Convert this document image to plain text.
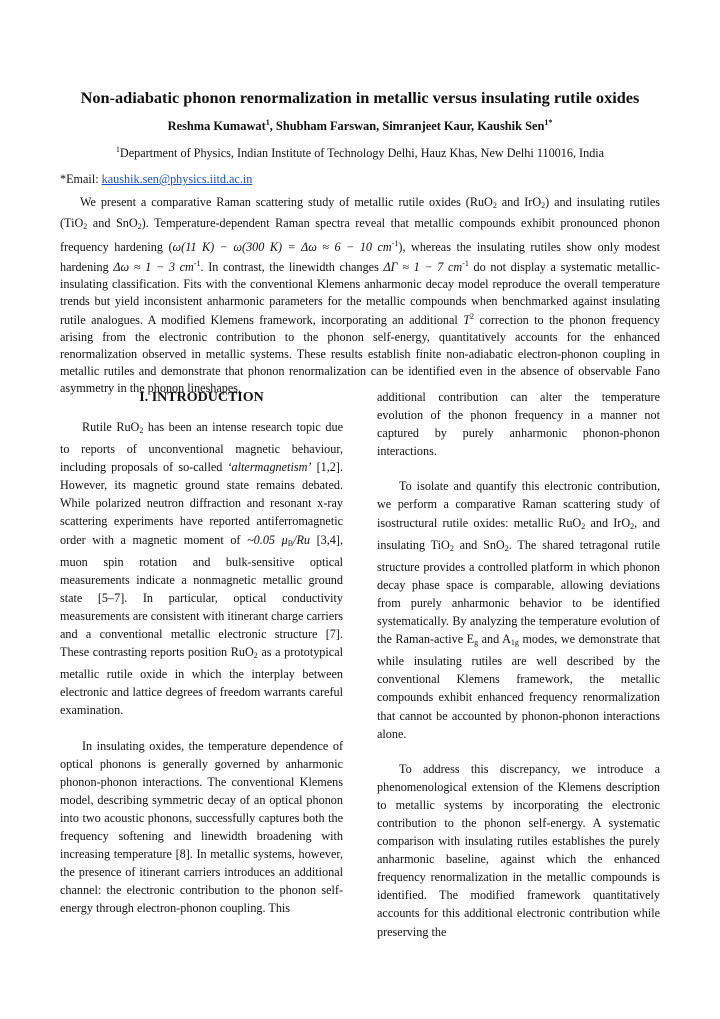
Non-adiabatic phonon renormalization in metallic versus insulating rutile oxides
Reshma Kumawat$^1$, Shubham Farswan, Simranjeet Kaur, Kaushik Sen$^{1*}$
$^1$Department of Physics, Indian Institute of Technology Delhi, Hauz Khas, New Delhi 110016, India
*Email: kaushik.sen@physics.iitd.ac.in
We present a comparative Raman scattering study of metallic rutile oxides (RuO$_2$ and IrO$_2$) and insulating rutiles (TiO$_2$ and SnO$_2$). Temperature-dependent Raman spectra reveal that metallic compounds exhibit pronounced phonon frequency hardening (ω(11 K) − ω(300 K) = Δω ≈ 6 − 10 $cm^{-1}$), whereas the insulating rutiles show only modest hardening Δω ≈ 1 − 3 $cm^{-1}$. In contrast, the linewidth changes ΔΓ ≈ 1 − 7 $cm^{-1}$ do not display a systematic metallic-insulating classification. Fits with the conventional Klemens anharmonic decay model reproduce the overall temperature trends but yield inconsistent anharmonic parameters for the metallic compounds when benchmarked against insulating rutile analogues. A modified Klemens framework, incorporating an additional $T^2$ correction to the phonon frequency arising from the electronic contribution to the phonon self-energy, quantitatively accounts for the enhanced renormalization observed in metallic systems. These results establish finite non-adiabatic electron-phonon coupling in metallic rutiles and demonstrate that phonon renormalization can be identified even in the absence of observable Fano asymmetry in the phonon lineshapes.
I. INTRODUCTION

Rutile RuO$_2$ has been an intense research topic due to reports of unconventional magnetic behaviour, including proposals of so-called ‘altermagnetism’ [1,2]. However, its magnetic ground state remains debated. While polarized neutron diffraction and resonant x-ray scattering experiments have reported antiferromagnetic order with a magnetic moment of ~0.05 $\mu_B/Ru$ [3,4], muon spin rotation and bulk-sensitive optical measurements indicate a nonmagnetic metallic ground state [5–7]. In particular, optical conductivity measurements are consistent with itinerant charge carriers and a conventional metallic electronic structure [7]. These contrasting reports position RuO$_2$ as a prototypical metallic rutile oxide in which the interplay between electronic and lattice degrees of freedom warrants careful examination.

In insulating oxides, the temperature dependence of optical phonons is generally governed by anharmonic phonon-phonon interactions. The conventional Klemens model, describing symmetric decay of an optical phonon into two acoustic phonons, successfully captures both the frequency softening and linewidth broadening with increasing temperature [8]. In metallic systems, however, the presence of itinerant carriers introduces an additional channel: the electronic contribution to the phonon self-energy through electron-phonon coupling. This

additional contribution can alter the temperature evolution of the phonon frequency in a manner not captured by purely anharmonic phonon-phonon interactions.

To isolate and quantify this electronic contribution, we perform a comparative Raman scattering study of isostructural rutile oxides: metallic RuO$_2$ and IrO$_2$, and insulating TiO$_2$ and SnO$_2$. The shared tetragonal rutile structure provides a controlled platform in which phonon decay phase space is comparable, allowing deviations from purely anharmonic behavior to be identified systematically. By analyzing the temperature evolution of the Raman-active $E_g$ and $A_{1g}$ modes, we demonstrate that while insulating rutiles are well described by the conventional Klemens framework, the metallic compounds exhibit enhanced frequency renormalization that cannot be accounted by phonon-phonon interactions alone.

To address this discrepancy, we introduce a phenomenological extension of the Klemens description to metallic systems by incorporating the electronic contribution to the phonon self-energy. A systematic comparison with insulating rutiles establishes the purely anharmonic baseline, against which the enhanced frequency renormalization in the metallic compounds is identified. The modified framework quantitatively accounts for this additional electronic contribution while preserving the
